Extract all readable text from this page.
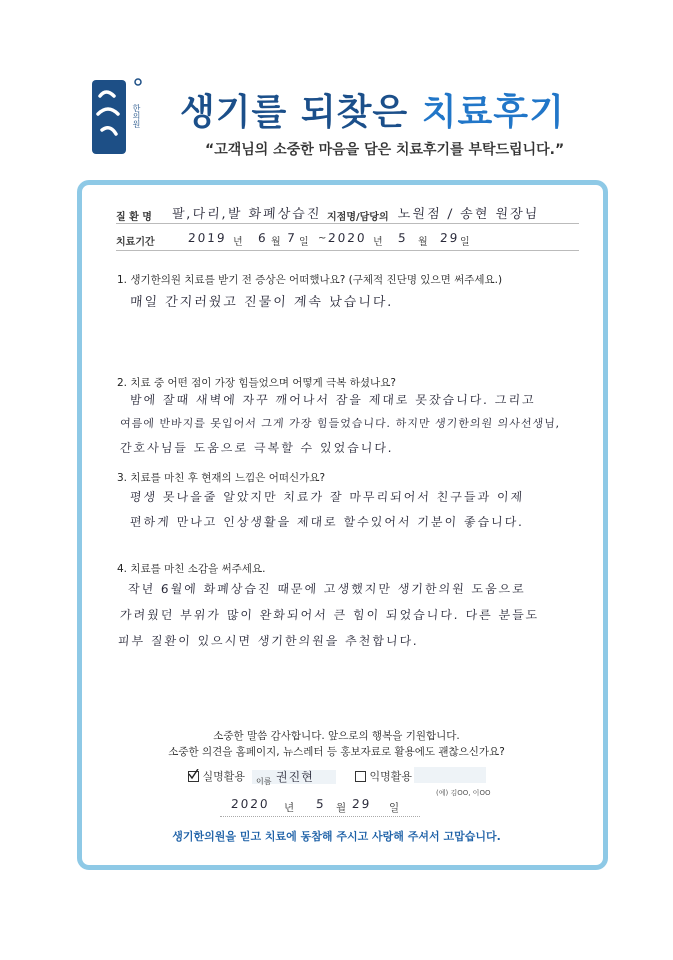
한의원 생기를 되찾은 치료후기
“고객님의 소중한 마음을 담은 치료후기를 부탁드립니다.”
질 환 명 팔,다리,발 화폐상습진 지점명/담당의 노원점 / 송현 원장님
치료기간	2019 년 6 월 7 일 ~ 2020 년 5 월 29 일
1. 생기한의원 치료를 받기 전 증상은 어떠했나요? (구체적 진단명 있으면 써주세요.)
매일 간지러웠고 진물이 계속 났습니다.
2. 치료 중 어떤 점이 가장 힘들었으며 어떻게 극복 하셨나요?
밤에 잘때 새벽에 자꾸 깨어나서 잠을 제대로 못잤습니다. 그리고
여름에 반바지를 못입어서 그게 가장 힘들었습니다. 하지만 생기한의원 의사선생님,
간호사님들 도움으로 극복할 수 있었습니다.
3. 치료를 마친 후 현재의 느낌은 어떠신가요?
평생 못나을줄 알았지만 치료가 잘 마무리되어서 친구들과 이제
편하게 만나고 인상생활을 제대로 할수있어서 기분이 좋습니다.
4. 치료를 마친 소감을 써주세요.
작년 6월에 화폐상습진 때문에 고생했지만 생기한의원 도움으로
가려웠던 부위가 많이 완화되어서 큰 힘이 되었습니다. 다른 분들도
피부 질환이 있으시면 생기한의원을 추천합니다.
소중한 말씀 감사합니다. 앞으로의 행복을 기원합니다.
소중한 의견을 홈페이지, 뉴스레터 등 홍보자료로 활용에도 괜찮으신가요?
실명활용	이름 권진현	익명활용
(예) 김OO, 이OO
2020 년 5 월 29 일
생기한의원을 믿고 치료에 동참해 주시고 사랑해 주셔서 고맙습니다.
